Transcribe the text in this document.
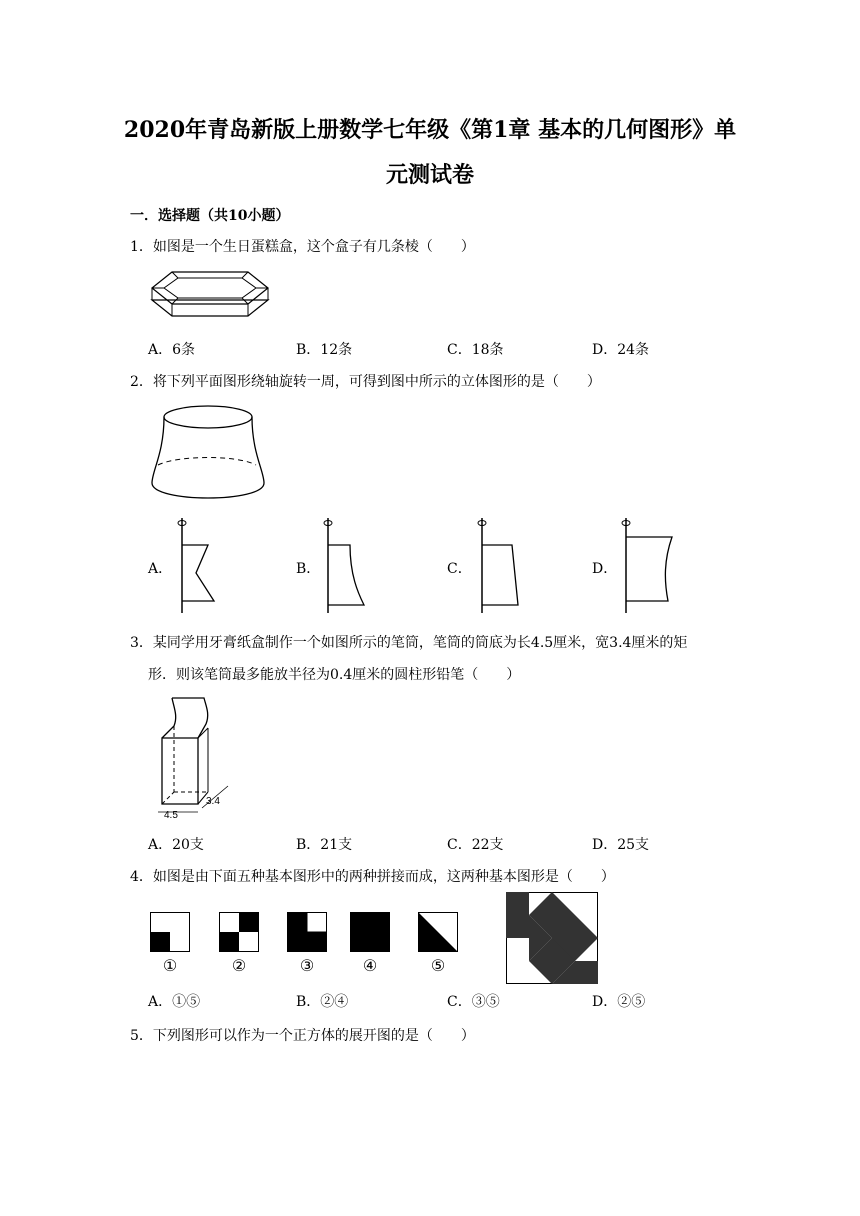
2020年青岛新版上册数学七年级《第1章 基本的几何图形》单
元测试卷
一．选择题（共10小题）
1．如图是一个生日蛋糕盒，这个盒子有几条棱（　　）
A．6条	B．12条	C．18条	D．24条
2．将下列平面图形绕轴旋转一周，可得到图中所示的立体图形的是（　　）
A．	B．	C．	D．
3．某同学用牙膏纸盒制作一个如图所示的笔筒，笔筒的筒底为长4.5厘米，宽3.4厘米的矩
形．则该笔筒最多能放半径为0.4厘米的圆柱形铅笔（　　）
4.5
3.4
A．20支	B．21支	C．22支	D．25支
4．如图是由下面五种基本图形中的两种拼接而成，这两种基本图形是（　　）
①	②	③	④	⑤
A．①⑤	B．②④	C．③⑤	D．②⑤
5．下列图形可以作为一个正方体的展开图的是（　　）
